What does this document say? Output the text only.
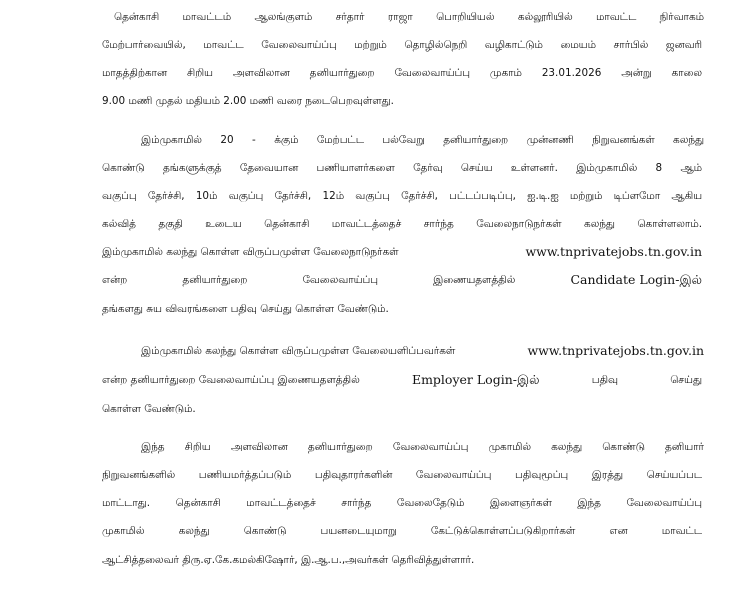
தென்காசி மாவட்டம் ஆலங்குளம் சர்தார் ராஜா பொறியியல் கல்லூரியில் மாவட்ட நிர்வாகம்
மேற்பார்வையில், மாவட்ட வேலைவாய்ப்பு மற்றும் தொழில்நெறி வழிகாட்டும் மையம் சார்பில் ஜனவரி
மாதத்திற்கான சிறிய அளவிலான தனியார்துறை வேலைவாய்ப்பு முகாம் 23.01.2026 அன்று காலை
9.00 மணி முதல் மதியம் 2.00 மணி வரை நடைபெறவுள்ளது.
இம்முகாமில் 20 - க்கும் மேற்பட்ட பல்வேறு தனியார்துறை முன்னணி நிறுவனங்கள் கலந்து
கொண்டு தங்களுக்குத் தேவையான பணியாளர்களை தேர்வு செய்ய உள்ளனர். இம்முகாமில் 8 ஆம்
வகுப்பு தேர்ச்சி, 10ம் வகுப்பு தேர்ச்சி, 12ம் வகுப்பு தேர்ச்சி, பட்டப்படிப்பு, ஐ.டி.ஐ மற்றும் டிப்ளமோ ஆகிய
கல்வித் தகுதி உடைய தென்காசி மாவட்டத்தைச் சார்ந்த வேலைநாடுநர்கள் கலந்து கொள்ளலாம்.
இம்முகாமில் கலந்து கொள்ள விருப்பமுள்ள வேலைநாடுநர்கள்	www.tnprivatejobs.tn.gov.in
என்ற	தனியார்துறை	வேலைவாய்ப்பு	இணையதளத்தில்	Candidate Login-இல்
தங்களது சுய விவரங்களை பதிவு செய்து கொள்ள வேண்டும்.
இம்முகாமில் கலந்து கொள்ள விருப்பமுள்ள வேலையளிப்பவர்கள்	www.tnprivatejobs.tn.gov.in
என்ற தனியார்துறை வேலைவாய்ப்பு இணையதளத்தில்	Employer Login-இல்	பதிவு	செய்து
கொள்ள வேண்டும்.
இந்த சிறிய அளவிலான தனியார்துறை வேலைவாய்ப்பு முகாமில் கலந்து கொண்டு தனியார்
நிறுவனங்களில் பணியமர்த்தப்படும் பதிவுதாரர்களின் வேலைவாய்ப்பு பதிவுமூப்பு இரத்து செய்யப்பட
மாட்டாது. தென்காசி மாவட்டத்தைச் சார்ந்த வேலைதேடும் இளைஞர்கள் இந்த வேலைவாய்ப்பு
முகாமில் கலந்து கொண்டு பயனடையுமாறு கேட்டுக்கொள்ளப்படுகிறார்கள் என மாவட்ட
ஆட்சித்தலைவர் திரு.ஏ.கே.கமல்கிஷோர், இ.ஆ.ப.,அவர்கள் தெரிவித்துள்ளார்.
